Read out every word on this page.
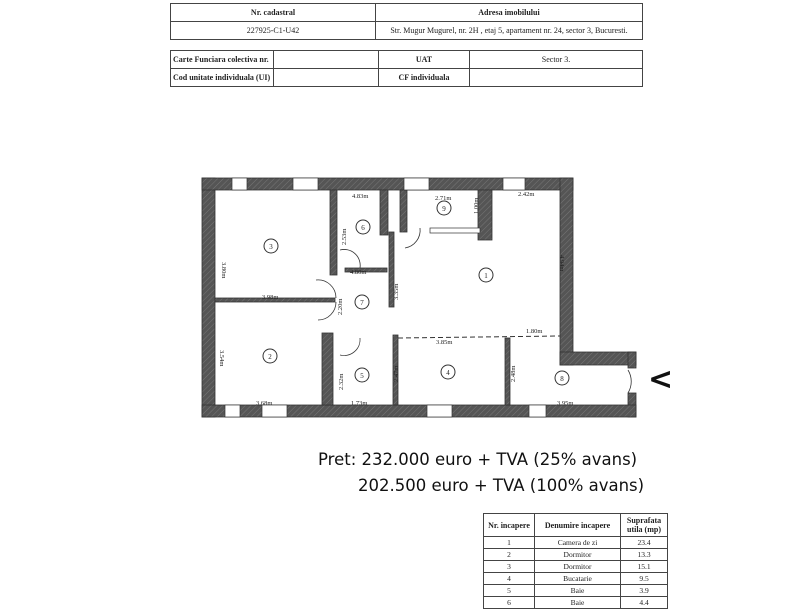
Nr. cadastral	Adresa imobilului
227925-C1-U42	Str. Mugur Mugurel, nr. 2H , etaj 5, apartament nr. 24, sector 3, Bucuresti.
Carte Funciara colectiva nr.		UAT	Sector 3.
Cod unitate individuala (UI)		CF individuala	
1
2
3
4
5
6
7
8
9
4.83m
2.53m
3.80m	4.80m
2.20m
3.98m	3.35m
3.54m
2.32m
3.68m	1.73m
2.71m	1.00m
2.42m
4.94m
1.80m
3.85m
2.47m	2.48m
3.95m
<
Pret: 232.000 euro + TVA (25% avans)
202.500 euro + TVA (100% avans)
Nr. incapere	Denumire incapere	Suprafata utila (mp)
1	Camera de zi	23.4
2	Dormitor	13.3
3	Dormitor	15.1
4	Bucatarie	9.5
5	Baie	3.9
6	Baie	4.4
